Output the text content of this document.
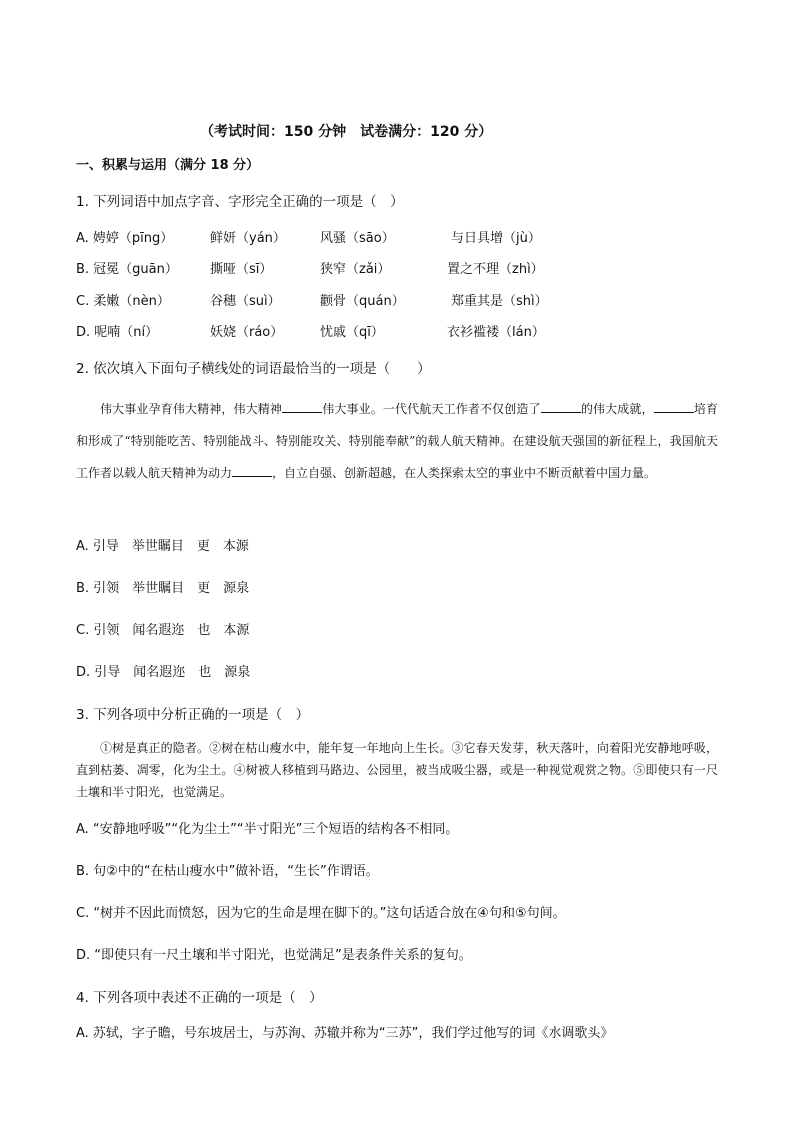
（考试时间：150 分钟　试卷满分：120 分）
一、积累与运用（满分 18 分）
1. 下列词语中加点字音、字形完全正确的一项是（　）
A. 娉婷（pīng）	鲜妍（yán）	风骚（sāo）	与日具增（jù）
B. 冠冕（guān） 撕哑（sī）	狭窄（zǎi）	置之不理（zhì）
C. 柔嫩（nèn）	谷穗（suì）	颧骨（quán）	郑重其是（shì）
D. 呢喃（ní）	妖娆（ráo）	忧戚（qī）	衣衫褴褛（lán）
2. 依次填入下面句子横线处的词语最恰当的一项是（　　）
伟大事业孕育伟大精神，伟大精神	伟大事业。一代代航天工作者不仅创造了	的伟大成就，	培育和形成了“特别能吃苦、特别能战斗、特别能攻关、特别能奉献”的载人航天精神。在建设航天强国的新征程上，我国航天工作者以载人航天精神为动力	，自立自强、创新超越，在人类探索太空的事业中不断贡献着中国力量。
A. 引导　举世瞩目　更　本源
B. 引领　举世瞩目　更　源泉
C. 引领　闻名遐迩　也　本源
D. 引导　闻名遐迩　也　源泉
3. 下列各项中分析正确的一项是（　）
①树是真正的隐者。②树在枯山瘦水中，能年复一年地向上生长。③它春天发芽，秋天落叶，向着阳光安静地呼吸，直到枯萎、凋零，化为尘土。④树被人移植到马路边、公园里，被当成吸尘器，或是一种视觉观赏之物。⑤即使只有一尺土壤和半寸阳光，也觉满足。
A. “安静地呼吸”“化为尘土”“半寸阳光”三个短语的结构各不相同。
B. 句②中的“在枯山瘦水中”做补语，“生长”作谓语。
C. “树并不因此而愤怒，因为它的生命是埋在脚下的。”这句话适合放在④句和⑤句间。
D. “即使只有一尺土壤和半寸阳光，也觉满足”是表条件关系的复句。
4. 下列各项中表述不正确的一项是（　）
A. 苏轼，字子瞻，号东坡居士，与苏洵、苏辙并称为“三苏”，我们学过他写的词《水调歌头》
